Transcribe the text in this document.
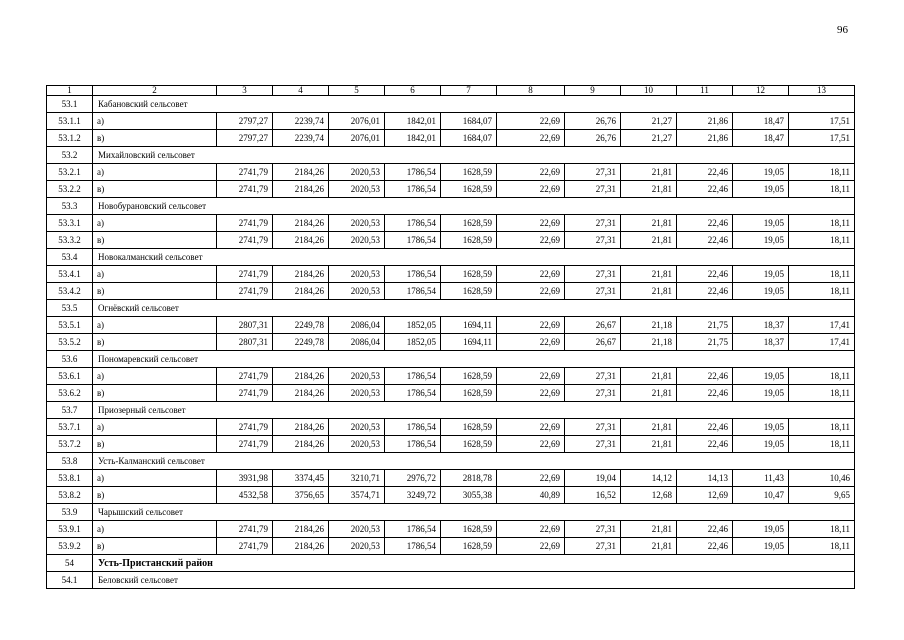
96
1	2	3	4	5	6	7	8	9	10	11	12	13
53.1	Кабановский сельсовет											
53.1.1	а)	2797,27	2239,74	2076,01	1842,01	1684,07	22,69	26,76	21,27	21,86	18,47	17,51
53.1.2	в)	2797,27	2239,74	2076,01	1842,01	1684,07	22,69	26,76	21,27	21,86	18,47	17,51
53.2	Михайловский сельсовет											
53.2.1	а)	2741,79	2184,26	2020,53	1786,54	1628,59	22,69	27,31	21,81	22,46	19,05	18,11
53.2.2	в)	2741,79	2184,26	2020,53	1786,54	1628,59	22,69	27,31	21,81	22,46	19,05	18,11
53.3	Новобурановский сельсовет											
53.3.1	а)	2741,79	2184,26	2020,53	1786,54	1628,59	22,69	27,31	21,81	22,46	19,05	18,11
53.3.2	в)	2741,79	2184,26	2020,53	1786,54	1628,59	22,69	27,31	21,81	22,46	19,05	18,11
53.4	Новокалманский сельсовет											
53.4.1	а)	2741,79	2184,26	2020,53	1786,54	1628,59	22,69	27,31	21,81	22,46	19,05	18,11
53.4.2	в)	2741,79	2184,26	2020,53	1786,54	1628,59	22,69	27,31	21,81	22,46	19,05	18,11
53.5	Огнёвский сельсовет											
53.5.1	а)	2807,31	2249,78	2086,04	1852,05	1694,11	22,69	26,67	21,18	21,75	18,37	17,41
53.5.2	в)	2807,31	2249,78	2086,04	1852,05	1694,11	22,69	26,67	21,18	21,75	18,37	17,41
53.6	Пономаревский сельсовет											
53.6.1	а)	2741,79	2184,26	2020,53	1786,54	1628,59	22,69	27,31	21,81	22,46	19,05	18,11
53.6.2	в)	2741,79	2184,26	2020,53	1786,54	1628,59	22,69	27,31	21,81	22,46	19,05	18,11
53.7	Приозерный сельсовет											
53.7.1	а)	2741,79	2184,26	2020,53	1786,54	1628,59	22,69	27,31	21,81	22,46	19,05	18,11
53.7.2	в)	2741,79	2184,26	2020,53	1786,54	1628,59	22,69	27,31	21,81	22,46	19,05	18,11
53.8	Усть-Калманский сельсовет											
53.8.1	а)	3931,98	3374,45	3210,71	2976,72	2818,78	22,69	19,04	14,12	14,13	11,43	10,46
53.8.2	в)	4532,58	3756,65	3574,71	3249,72	3055,38	40,89	16,52	12,68	12,69	10,47	9,65
53.9	Чарышский сельсовет											
53.9.1	а)	2741,79	2184,26	2020,53	1786,54	1628,59	22,69	27,31	21,81	22,46	19,05	18,11
53.9.2	в)	2741,79	2184,26	2020,53	1786,54	1628,59	22,69	27,31	21,81	22,46	19,05	18,11
54	Усть-Пристанский район											
54.1	Беловский сельсовет											
